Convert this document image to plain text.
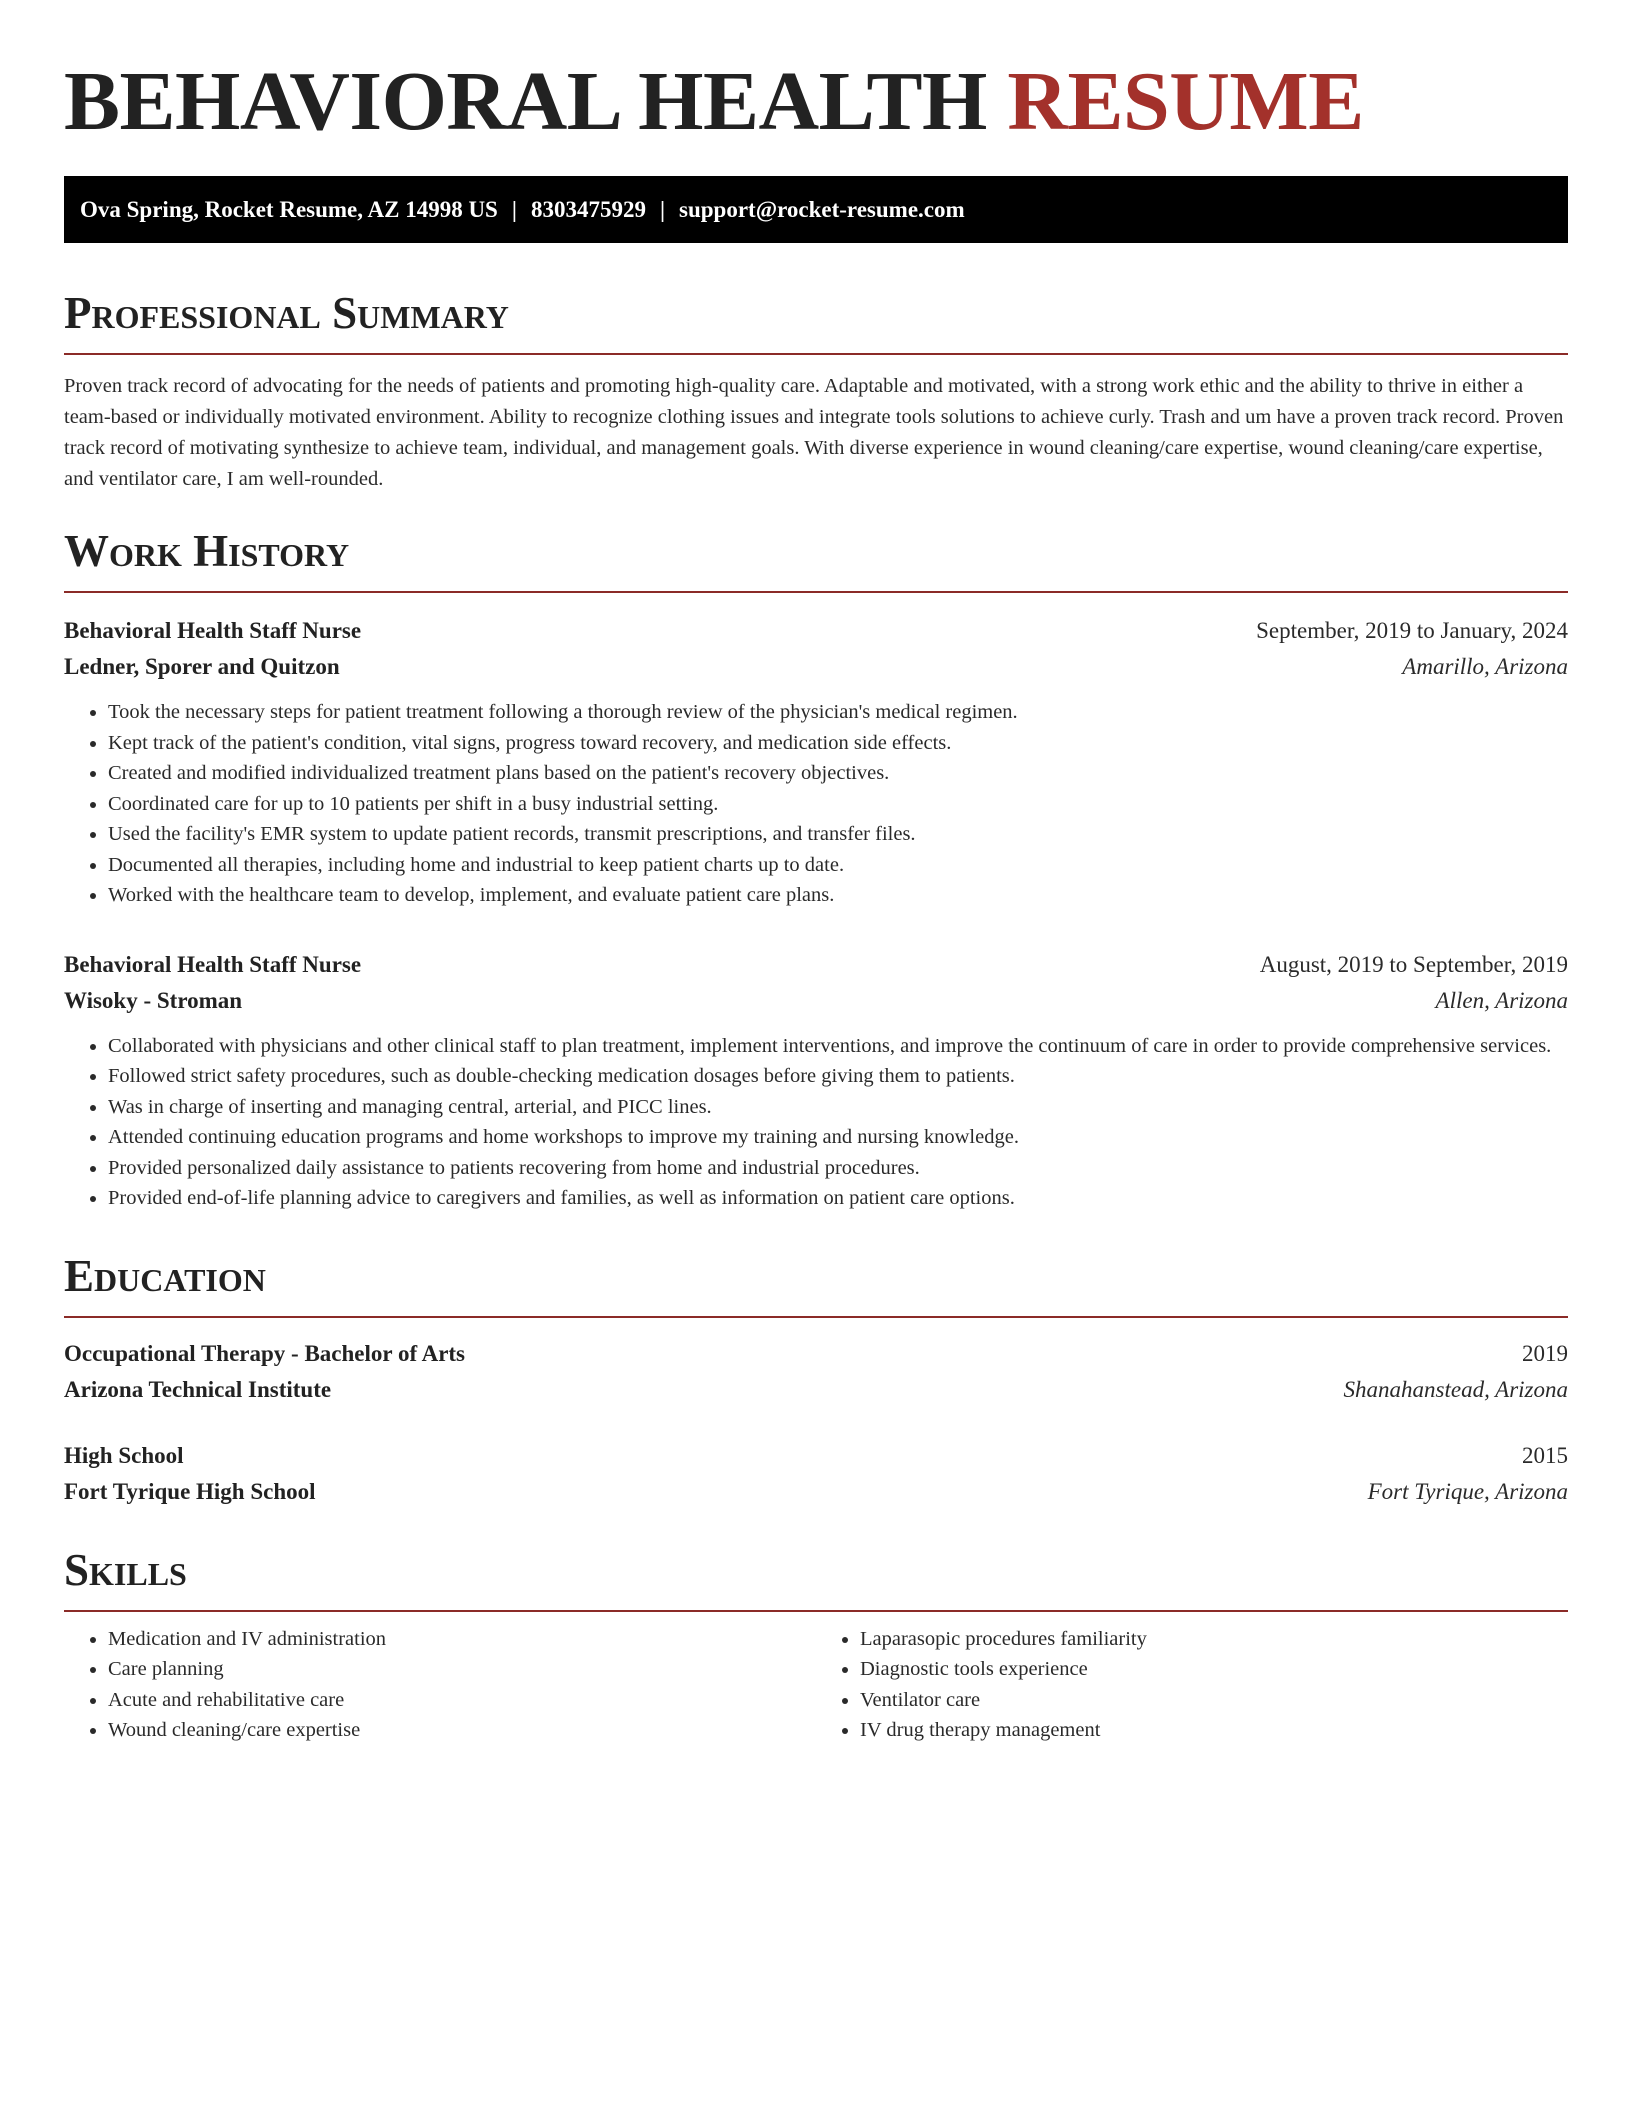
BEHAVIORAL HEALTH RESUME
Ova Spring, Rocket Resume, AZ 14998 US | 8303475929 | support@rocket-resume.com
Professional Summary

Proven track record of advocating for the needs of patients and promoting high-quality care. Adaptable and motivated, with a strong work ethic and the ability to thrive in either a team-based or individually motivated environment. Ability to recognize clothing issues and integrate tools solutions to achieve curly. Trash and um have a proven track record. Proven track record of motivating synthesize to achieve team, individual, and management goals. With diverse experience in wound cleaning/care expertise, wound cleaning/care expertise, and ventilator care, I am well-rounded.

Work History
Behavioral Health Staff Nurse	September, 2019 to January, 2024
Ledner, Sporer and Quitzon	Amarillo, Arizona
• Took the necessary steps for patient treatment following a thorough review of the physician's medical regimen.
• Kept track of the patient's condition, vital signs, progress toward recovery, and medication side effects.
• Created and modified individualized treatment plans based on the patient's recovery objectives.
• Coordinated care for up to 10 patients per shift in a busy industrial setting.
• Used the facility's EMR system to update patient records, transmit prescriptions, and transfer files.
• Documented all therapies, including home and industrial to keep patient charts up to date.
• Worked with the healthcare team to develop, implement, and evaluate patient care plans.
Behavioral Health Staff Nurse	August, 2019 to September, 2019
Wisoky - Stroman	Allen, Arizona
• Collaborated with physicians and other clinical staff to plan treatment, implement interventions, and improve the continuum of care in order to provide comprehensive services.
• Followed strict safety procedures, such as double-checking medication dosages before giving them to patients.
• Was in charge of inserting and managing central, arterial, and PICC lines.
• Attended continuing education programs and home workshops to improve my training and nursing knowledge.
• Provided personalized daily assistance to patients recovering from home and industrial procedures.
• Provided end-of-life planning advice to caregivers and families, as well as information on patient care options.
Education
Occupational Therapy - Bachelor of Arts	2019
Arizona Technical Institute	Shanahanstead, Arizona
High School	2015
Fort Tyrique High School	Fort Tyrique, Arizona
Skills
• Medication and IV administration
• Care planning
• Acute and rehabilitative care
• Wound cleaning/care expertise
• Laparasopic procedures familiarity
• Diagnostic tools experience
• Ventilator care
• IV drug therapy management
